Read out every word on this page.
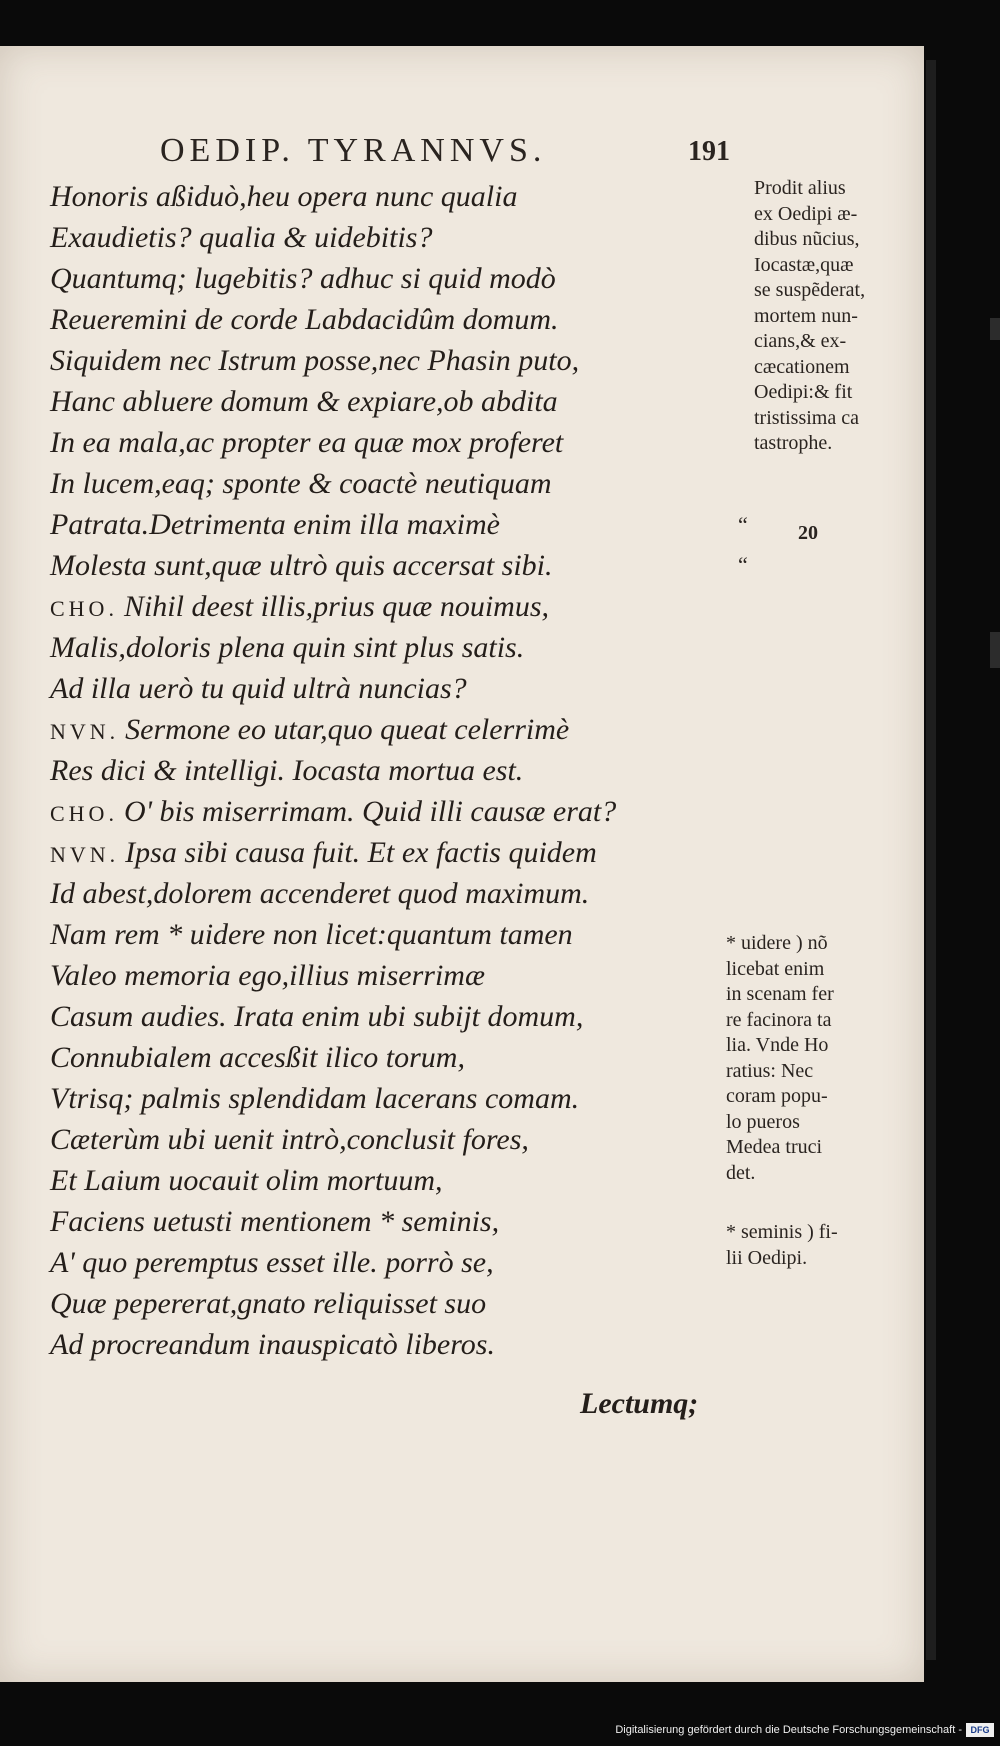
OEDIP. TYRANNVS.	191
Honoris aßiduò,heu opera nunc qualia
Exaudietis? qualia & uidebitis?
Quantumq; lugebitis? adhuc si quid modò
Reueremini de corde Labdacidûm domum.
Siquidem nec Istrum posse,nec Phasin puto,
Hanc abluere domum & expiare,ob abdita
In ea mala,ac propter ea quæ mox proferet
In lucem,eaq; sponte & coactè neutiquam
Patrata.Detrimenta enim illa maximè
Molesta sunt,quæ ultrò quis accersat sibi.
CHO. Nihil deest illis,prius quæ nouimus,
Malis,doloris plena quin sint plus satis.
Ad illa uerò tu quid ultrà nuncias?
NVN. Sermone eo utar,quo queat celerrimè
Res dici & intelligi. Iocasta mortua est.
CHO. O' bis miserrimam. Quid illi causæ erat?
NVN. Ipsa sibi causa fuit. Et ex factis quidem
Id abest,dolorem accenderet quod maximum.
Nam rem * uidere non licet:quantum tamen
Valeo memoria ego,illius miserrimæ
Casum audies. Irata enim ubi subijt domum,
Connubialem accesßit ilico torum,
Vtrisq; palmis splendidam lacerans comam.
Cæterùm ubi uenit intrò,conclusit fores,
Et Laium uocauit olim mortuum,
Faciens uetusti mentionem * seminis,
A' quo peremptus esset ille. porrò se,
Quæ pepererat,gnato reliquisset suo
Ad procreandum inauspicatò liberos.
Prodit alius
ex Oedipi æ-
dibus nũcius,
Iocastæ,quæ
se suspẽderat,
mortem nun-
cians,& ex-
cæcationem
Oedipi:& fit
tristissima ca
tastrophe.
* uidere ) nõ
licebat enim
in scenam fer
re facinora ta
lia. Vnde Ho
ratius: Nec
coram popu-
lo pueros
Medea truci
det.
* seminis ) fi-
lii Oedipi.
“
“
20
Lectumq;
Digitalisierung gefördert durch die Deutsche Forschungsgemeinschaft - DFG
